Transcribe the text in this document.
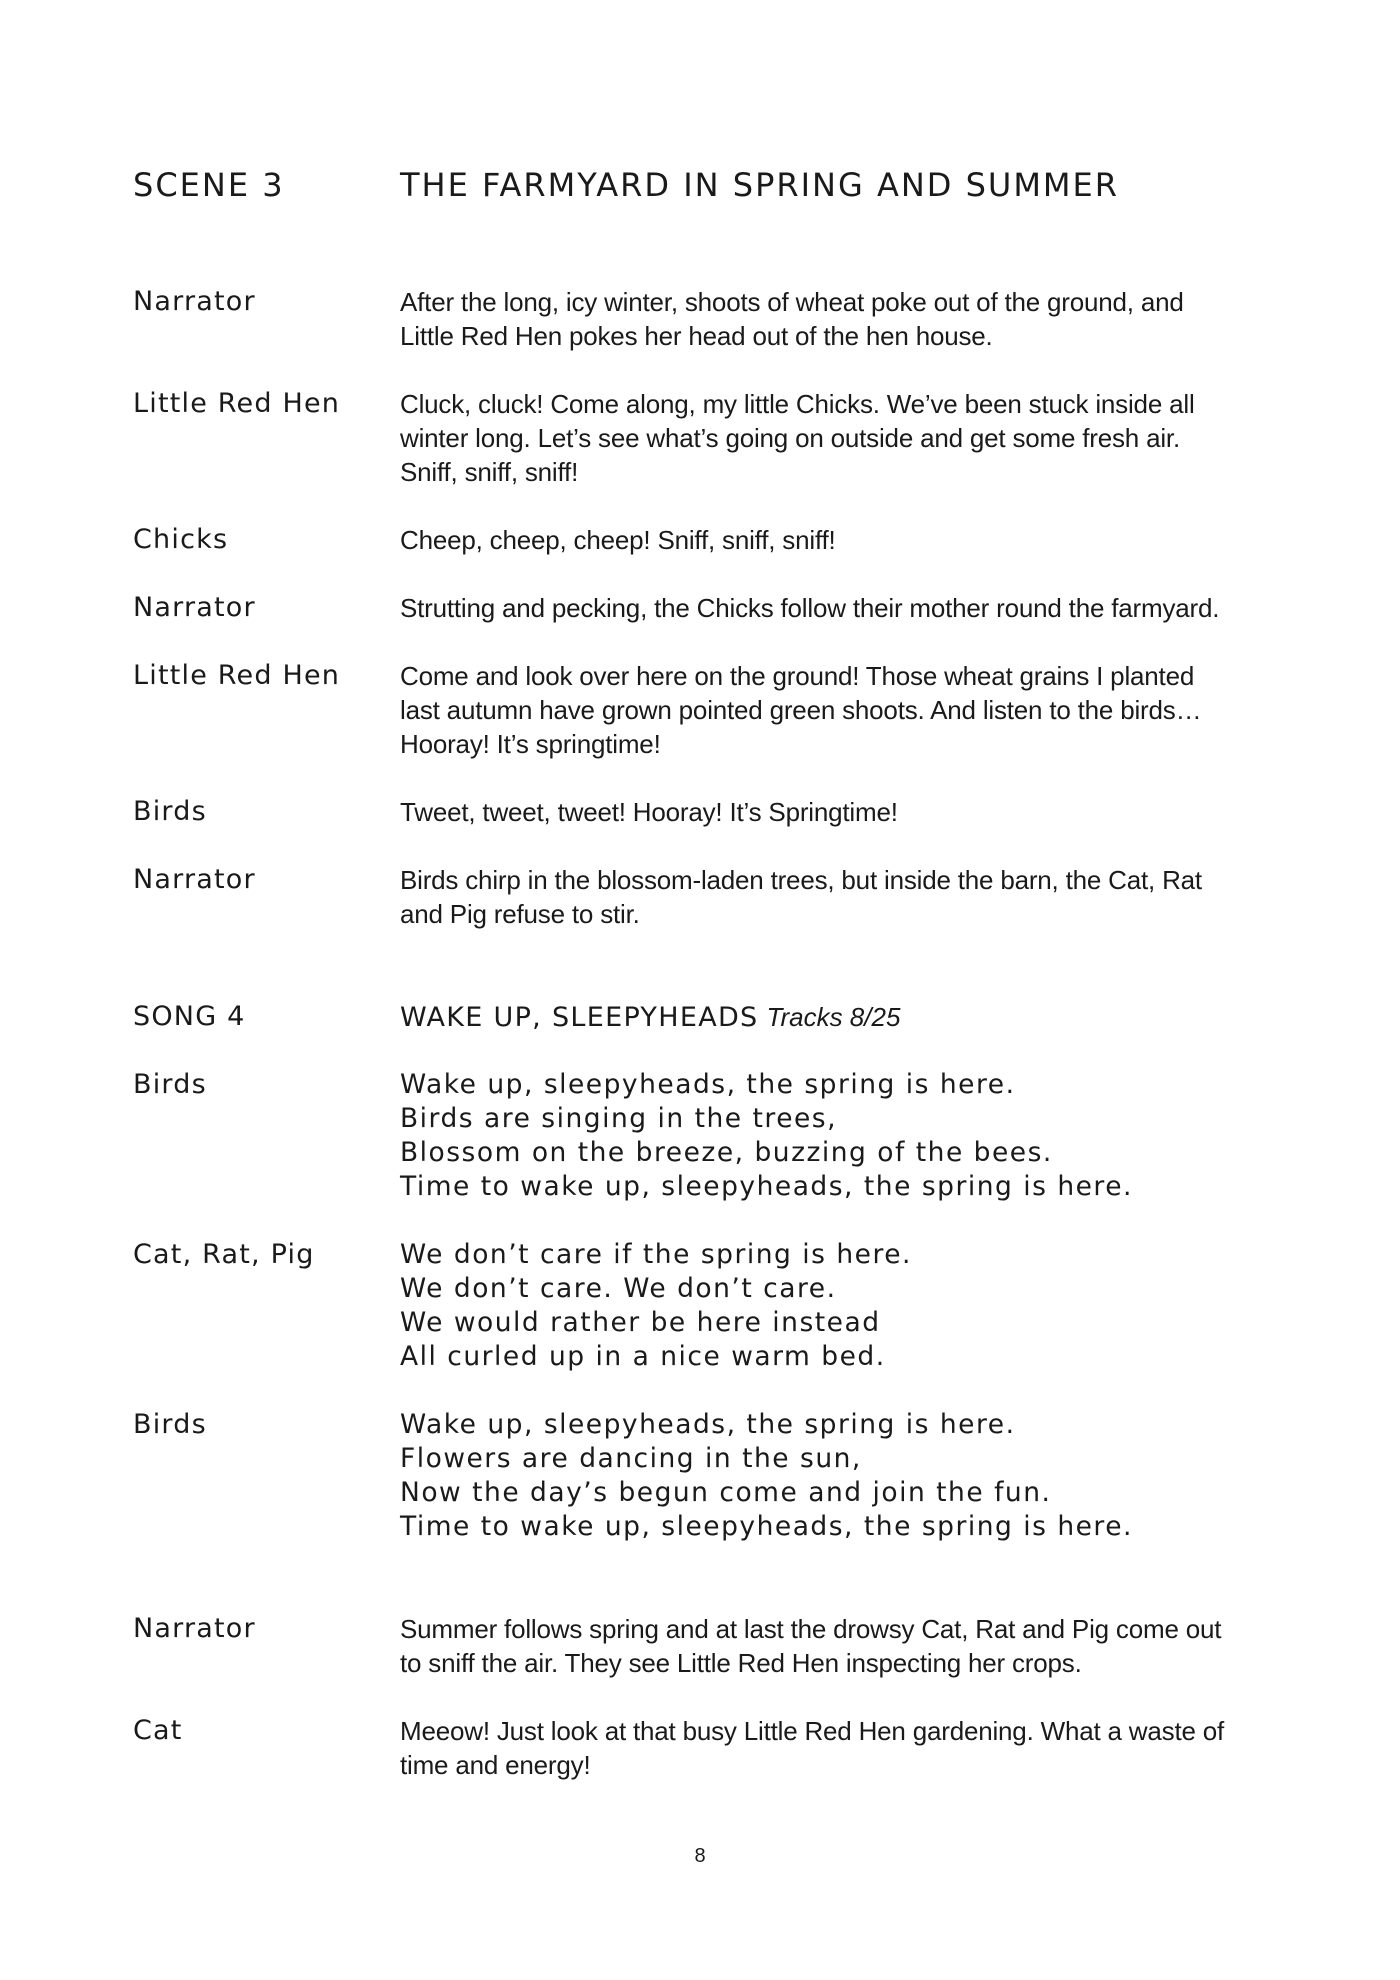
SCENE 3	THE FARMYARD IN SPRING AND SUMMER
Narrator	After the long, icy winter, shoots of wheat poke out of the ground, and
Little Red Hen pokes her head out of the hen house.
Little Red Hen	Cluck, cluck! Come along, my little Chicks. We’ve been stuck inside all
winter long. Let’s see what’s going on outside and get some fresh air.
Sniff, sniff, sniff!
Chicks	Cheep, cheep, cheep! Sniff, sniff, sniff!
Narrator	Strutting and pecking, the Chicks follow their mother round the farmyard.
Little Red Hen	Come and look over here on the ground! Those wheat grains I planted
last autumn have grown pointed green shoots. And listen to the birds…
Hooray! It’s springtime!
Birds	Tweet, tweet, tweet! Hooray! It’s Springtime!
Narrator	Birds chirp in the blossom-laden trees, but inside the barn, the Cat, Rat
and Pig refuse to stir.
SONG 4	WAKE UP, SLEEPYHEADS Tracks 8/25
Birds	Wake up, sleepyheads, the spring is here.
Birds are singing in the trees,
Blossom on the breeze, buzzing of the bees.
Time to wake up, sleepyheads, the spring is here.
Cat, Rat, Pig	We don’t care if the spring is here.
We don’t care. We don’t care.
We would rather be here instead
All curled up in a nice warm bed.
Birds	Wake up, sleepyheads, the spring is here.
Flowers are dancing in the sun,
Now the day’s begun come and join the fun.
Time to wake up, sleepyheads, the spring is here.
Narrator	Summer follows spring and at last the drowsy Cat, Rat and Pig come out
to sniff the air. They see Little Red Hen inspecting her crops.
Cat	Meeow! Just look at that busy Little Red Hen gardening. What a waste of
time and energy!
8
